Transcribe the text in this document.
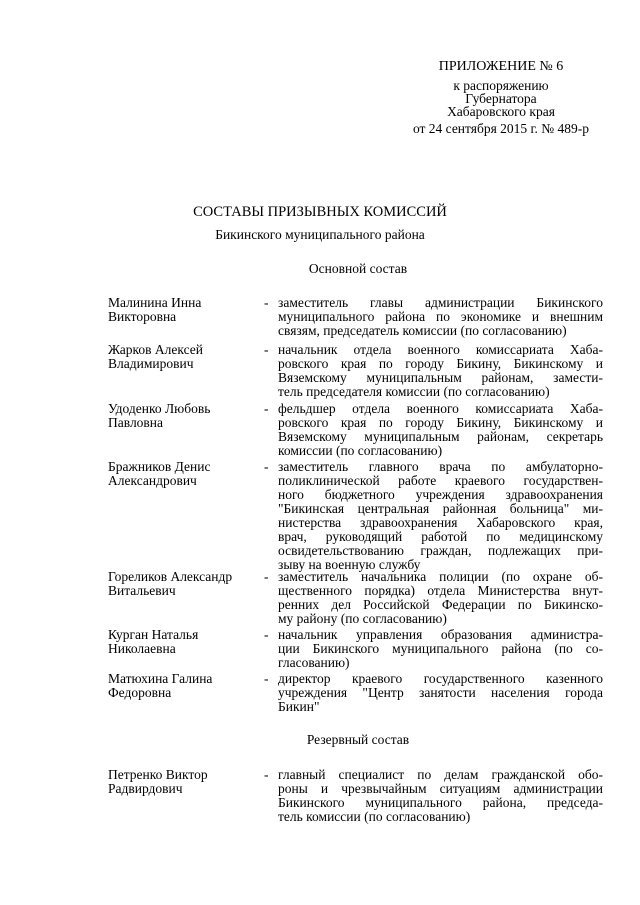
ПРИЛОЖЕНИЕ № 6
к распоряжению
Губернатора
Хабаровского края
от 24 сентября 2015 г. № 489-р
СОСТАВЫ ПРИЗЫВНЫХ КОМИССИЙ
Бикинского муниципального района
Основной состав
Малинина Инна
Викторовна
- заместитель главы администрации Бикинского
муниципального района по экономике и внешним
связям, председатель комиссии (по согласованию)
Жарков Алексей
Владимирович
- начальник отдела военного комиссариата Хаба-
ровского края по городу Бикину, Бикинскому и
Вяземскому муниципальным районам, замести-
тель председателя комиссии (по согласованию)
Удоденко Любовь
Павловна
- фельдшер отдела военного комиссариата Хаба-
ровского края по городу Бикину, Бикинскому и
Вяземскому муниципальным районам, секретарь
комиссии (по согласованию)
Бражников Денис
Александрович
- заместитель главного врача по амбулаторно-
поликлинической работе краевого государствен-
ного бюджетного учреждения здравоохранения
"Бикинская центральная районная больница" ми-
нистерства здравоохранения Хабаровского края,
врач, руководящий работой по медицинскому
освидетельствованию граждан, подлежащих при-
зыву на военную службу
Гореликов Александр
Витальевич
- заместитель начальника полиции (по охране об-
щественного порядка) отдела Министерства внут-
ренних дел Российской Федерации по Бикинско-
му району (по согласованию)
Курган Наталья
Николаевна
- начальник управления образования администра-
ции Бикинского муниципального района (по со-
гласованию)
Матюхина Галина
Федоровна
- директор краевого государственного казенного
учреждения "Центр занятости населения города
Бикин"
Резервный состав
Петренко Виктор
Радвирдович
- главный специалист по делам гражданской обо-
роны и чрезвычайным ситуациям администрации
Бикинского муниципального района, председа-
тель комиссии (по согласованию)
